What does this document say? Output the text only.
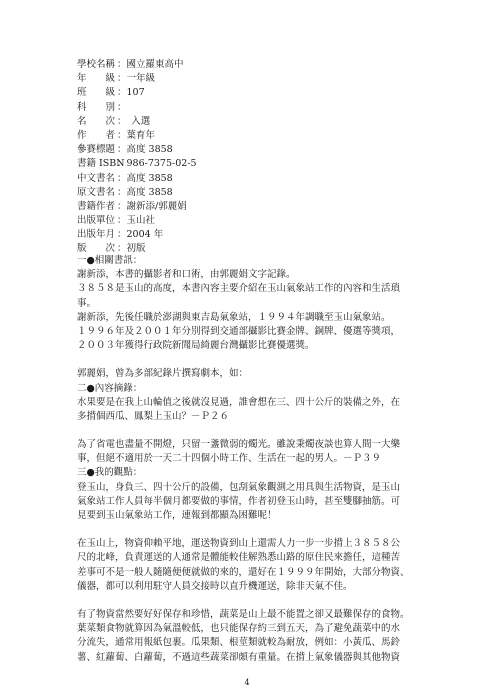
學校名稱 ：國立羅東高中
年　　級 ：一年級
班　　級 ：107
科　　別 ：
名　　次 ：　入選
作　　者 ：葉育年
參賽標題 ：高度 3858
書籍 ISBN：986-7375-02-5
中文書名 ：高度 3858
原文書名 ：高度 3858
書籍作者 ：謝新添/郭麗娟
出版單位 ：玉山社
出版年月 ：2004 年
版　　次 ：初版
一●相關書訊：
謝新添，本書的攝影者和口術，由郭麗娟文字記錄。
３８５８是玉山的高度，本書內容主要介紹在玉山氣象站工作的內容和生活瑣
事。
謝新添，先後任職於澎湖與東吉島氣象站，１９９４年調職至玉山氣象站。
１９９６年及２００１年分別得到交通部攝影比賽金牌、銅牌、優選等獎項，
２００３年獲得行政院新聞局綺麗台灣攝影比賽優選獎。
郭麗娟，曾為多部紀錄片撰寫劇本，如：
二●內容摘錄：
水果要是在我上山輪值之後就沒見過，誰會想在三、四十公斤的裝備之外，在
多揹個西瓜、鳳梨上玉山？－Ｐ２６
為了省電也盡量不開燈，只留一盞微弱的燭光。雖說秉燭夜談也算人間一大樂
事，但絕不適用於一天二十四個小時工作、生活在一起的男人。－Ｐ３９
三●我的觀點：
登玉山，身負三、四十公斤的設備，包刮氣象觀測之用具與生活物資，是玉山
氣象站工作人員每半個月都要做的事情，作者初登玉山時，甚至雙腳抽筋。可
見要到玉山氣象站工作，連報到都顯為困難呢！
在玉山上，物資仰賴平地，運送物資到山上還需人力一步一步揹上３８５８公
尺的北峰，負責運送的人通常是體能較佳解熟悉山路的原住民來擔任，這種苦
差事可不是一般人隨隨便便就做的來的，還好在１９９９年開始，大部分物資、
儀器，都可以利用駐守人員交接時以直升機運送，除非天氣不佳。
有了物資當然要好好保存和珍惜，蔬菜是山上最不能置之卻又最難保存的食物。
葉菜類食物就算因為氣溫較低，也只能保存約三到五天，為了避免蔬菜中的水
分流失，通常用報紙包裹。瓜果類、根莖類就較為耐放，例如：小黃瓜、馬鈴
薯、紅蘿蔔、白蘿蔔，不過這些蔬菜卻頗有重量。在揹上氣象儀器與其他物資
4
